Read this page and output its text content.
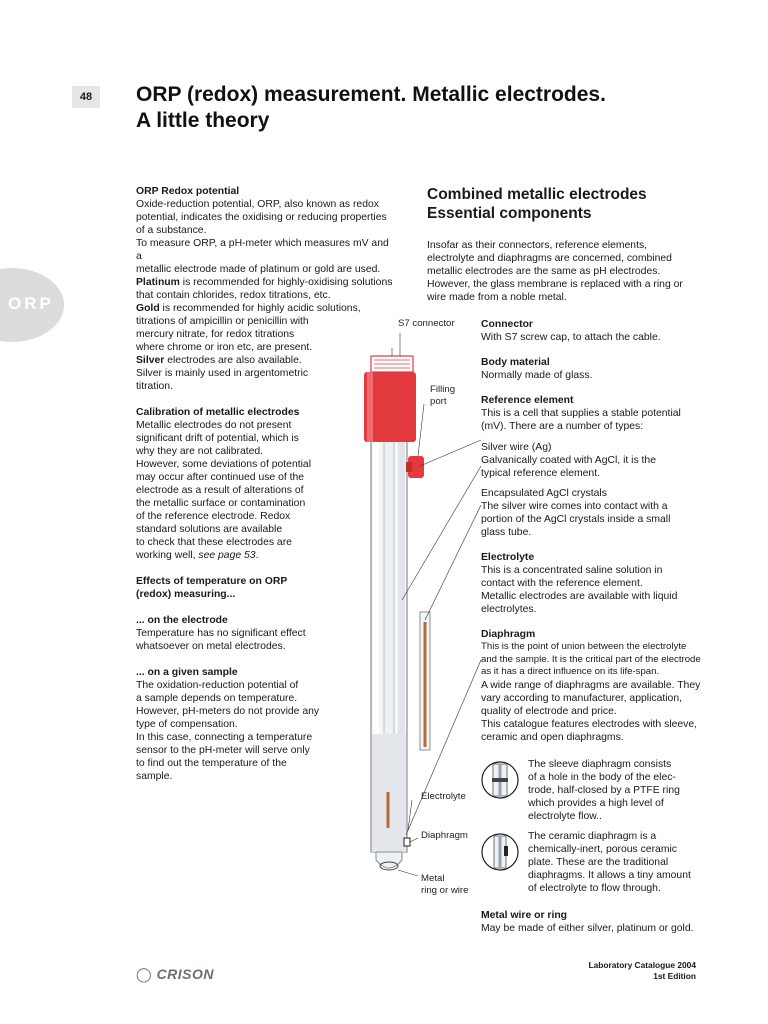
48	ORP (redox) measurement. Metallic electrodes.
A little theory
ORP

ORP Redox potential

Oxide-reduction potential, ORP, also known as redox

potential, indicates the oxidising or reducing properties

of a substance.

To measure ORP, a pH-meter which measures mV and a

metallic electrode made of platinum or gold are used.

Platinum is recommended for highly-oxidising solutions

that contain chlorides, redox titrations, etc.

Gold is recommended for highly acidic solutions,

titrations of ampicillin or penicillin with

mercury nitrate, for redox titrations

where chrome or iron etc, are present.

Silver electrodes are also available.

Silver is mainly used in argentometric

titration.

Calibration of metallic electrodes

Metallic electrodes do not present

significant drift of potential, which is

why they are not calibrated.

However, some deviations of potential

may occur after continued use of the

electrode as a result of alterations of

the metallic surface or contamination

of the reference electrode. Redox

standard solutions are available

to check that these electrodes are

working well, see page 53.

Effects of temperature on ORP

(redox) measuring...

... on the electrode

Temperature has no significant effect

whatsoever on metal electrodes.

... on a given sample

The oxidation-reduction potential of

a sample depends on temperature.

However, pH-meters do not provide any

type of compensation.

In this case, connecting a temperature

sensor to the pH-meter will serve only

to find out the temperature of the

sample.

Combined metallic electrodes
Essential components
Insofar as their connectors, reference elements,
electrolyte and diaphragms are concerned, combined
metallic electrodes are the same as pH electrodes.
However, the glass membrane is replaced with a ring or
wire made from a noble metal.
Connector
With S7 screw cap, to attach the cable.
Body material
Normally made of glass.
Reference element
This is a cell that supplies a stable potential
(mV). There are a number of types:
Silver wire (Ag)
Galvanically coated with AgCl, it is the
typical reference element.
Encapsulated AgCl crystals
The silver wire comes into contact with a
portion of the AgCl crystals inside a small
glass tube.
Electrolyte
This is a concentrated saline solution in
contact with the reference element.
Metallic electrodes are available with liquid
electrolytes.
Diaphragm
This is the point of union between the electrolyte
and the sample. It is the critical part of the electrode
as it has a direct influence on its life-span.
A wide range of diaphragms are available. They
vary according to manufacturer, application,
quality of electrode and price.
This catalogue features electrodes with sleeve,
ceramic and open diaphragms.
The sleeve diaphragm consists
of a hole in the body of the elec-
trode, half-closed by a PTFE ring
which provides a high level of
electrolyte flow..
The ceramic diaphragm is a
chemically-inert, porous ceramic
plate. These are the traditional
diaphragms. It allows a tiny amount
of electrolyte to flow through.
Metal wire or ring
May be made of either silver, platinum or gold.
S7 connector
Filling
port
Electrolyte
Diaphragm
Metal
ring or wire
◯ CRISON
Laboratory Catalogue 2004
1st Edition
